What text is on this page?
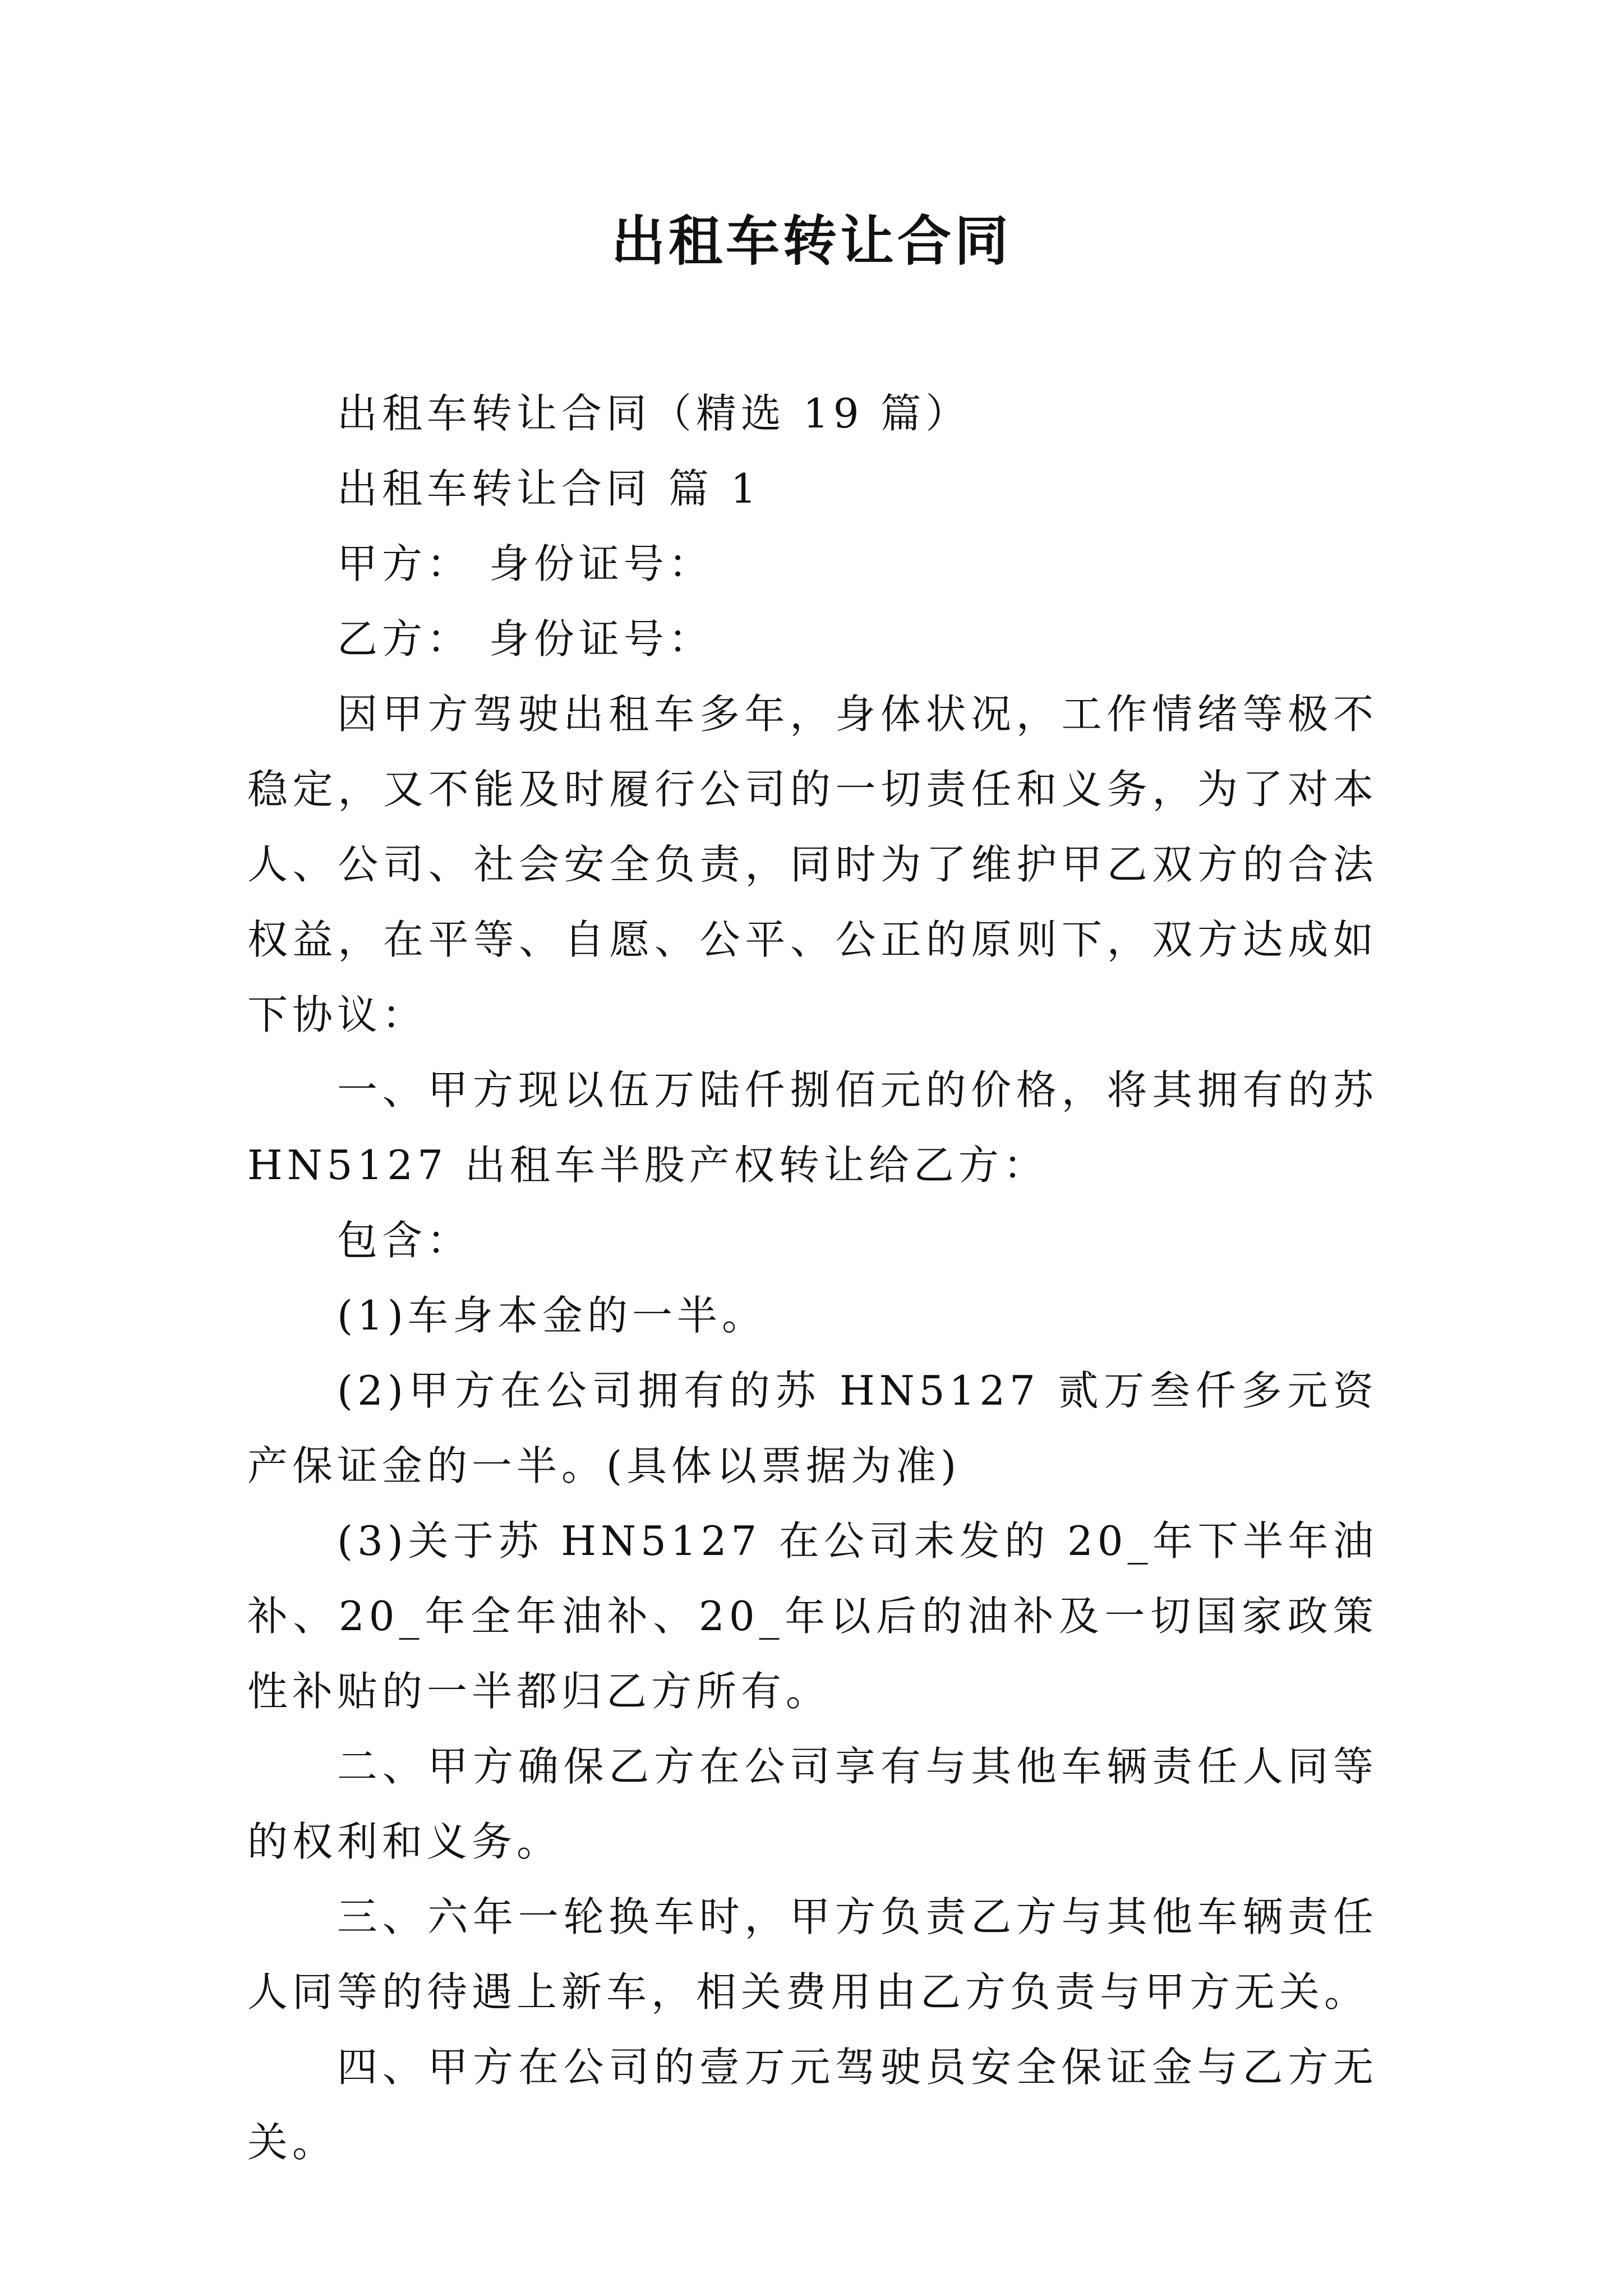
出租车转让合同

出租车转让合同（精选 19 篇）

出租车转让合同 篇 1

甲方： 身份证号：

乙方： 身份证号：

因甲方驾驶出租车多年，身体状况，工作情绪等极不稳定，又不能及时履行公司的一切责任和义务，为了对本人、公司、社会安全负责，同时为了维护甲乙双方的合法权益，在平等、自愿、公平、公正的原则下，双方达成如下协议：

一、甲方现以伍万陆仟捌佰元的价格，将其拥有的苏 HN5127 出租车半股产权转让给乙方：

包含：

(1)车身本金的一半。

(2)甲方在公司拥有的苏 HN5127 贰万叁仟多元资产保证金的一半。(具体以票据为准)

(3)关于苏 HN5127 在公司未发的 20_年下半年油补、20_年全年油补、20_年以后的油补及一切国家政策性补贴的一半都归乙方所有。

二、甲方确保乙方在公司享有与其他车辆责任人同等的权利和义务。

三、六年一轮换车时，甲方负责乙方与其他车辆责任人同等的待遇上新车，相关费用由乙方负责与甲方无关。

四、甲方在公司的壹万元驾驶员安全保证金与乙方无关。
